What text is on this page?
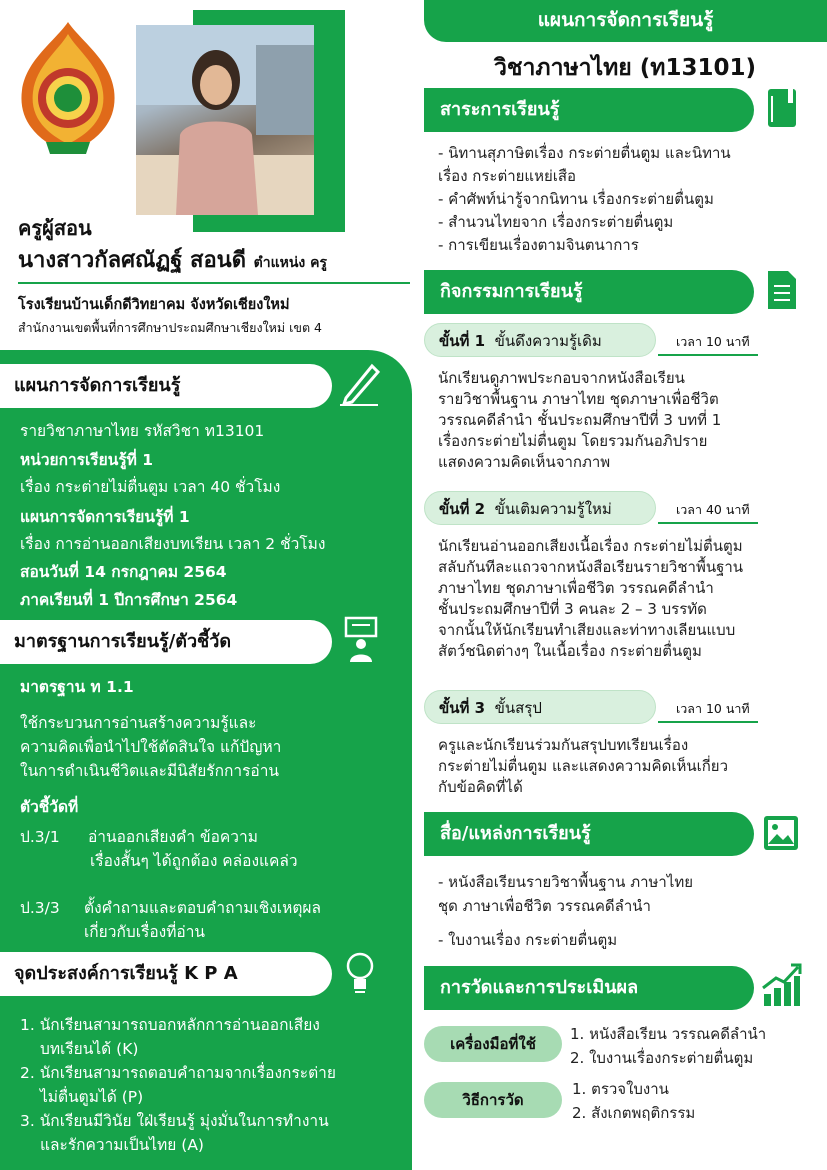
ครูผู้สอน
นางสาวกัลศณัฏฐ์ สอนดี ตำแหน่ง ครู
โรงเรียนบ้านเด็กดีวิทยาคม จังหวัดเชียงใหม่
สำนักงานเขตพื้นที่การศึกษาประถมศึกษาเชียงใหม่ เขต 4
แผนการจัดการเรียนรู้
รายวิชาภาษาไทย รหัสวิชา ท13101
หน่วยการเรียนรู้ที่ 1
เรื่อง กระต่ายไม่ตื่นตูม เวลา 40 ชั่วโมง
แผนการจัดการเรียนรู้ที่ 1
เรื่อง การอ่านออกเสียงบทเรียน เวลา 2 ชั่วโมง
สอนวันที่ 14 กรกฎาคม 2564
ภาคเรียนที่ 1 ปีการศึกษา 2564
มาตรฐานการเรียนรู้/ตัวชี้วัด
มาตรฐาน ท 1.1
ใช้กระบวนการอ่านสร้างความรู้และ
ความคิดเพื่อนำไปใช้ตัดสินใจ แก้ปัญหา
ในการดำเนินชีวิตและมีนิสัยรักการอ่าน
ตัวชี้วัดที่
ป.3/1 อ่านออกเสียงคำ ข้อความ
เรื่องสั้นๆ ได้ถูกต้อง คล่องแคล่ว
ป.3/3 ตั้งคำถามและตอบคำถามเชิงเหตุผล
เกี่ยวกับเรื่องที่อ่าน
จุดประสงค์การเรียนรู้ K P A
1. นักเรียนสามารถบอกหลักการอ่านออกเสียง
บทเรียนได้ (K)
2. นักเรียนสามารถตอบคำถามจากเรื่องกระต่าย
ไม่ตื่นตูมได้ (P)
3. นักเรียนมีวินัย ใฝ่เรียนรู้ มุ่งมั่นในการทำงาน
และรักความเป็นไทย (A)
แผนการจัดการเรียนรู้
วิชาภาษาไทย (ท13101)
สาระการเรียนรู้
- นิทานสุภาษิตเรื่อง กระต่ายตื่นตูม และนิทาน
เรื่อง กระต่ายแหย่เสือ
- คำศัพท์น่ารู้จากนิทาน เรื่องกระต่ายตื่นตูม
- สำนวนไทยจาก เรื่องกระต่ายตื่นตูม
- การเขียนเรื่องตามจินตนาการ
กิจกรรมการเรียนรู้
ขั้นที่ 1 ขั้นดึงความรู้เดิม	เวลา 10 นาที
นักเรียนดูภาพประกอบจากหนังสือเรียน
รายวิชาพื้นฐาน ภาษาไทย ชุดภาษาเพื่อชีวิต
วรรณคดีลำนำ ชั้นประถมศึกษาปีที่ 3 บทที่ 1
เรื่องกระต่ายไม่ตื่นตูม โดยรวมกันอภิปราย
แสดงความคิดเห็นจากภาพ
ขั้นที่ 2 ขั้นเติมความรู้ใหม่	เวลา 40 นาที
นักเรียนอ่านออกเสียงเนื้อเรื่อง กระต่ายไม่ตื่นตูม
สลับกันทีละแถวจากหนังสือเรียนรายวิชาพื้นฐาน
ภาษาไทย ชุดภาษาเพื่อชีวิต วรรณคดีลำนำ
ชั้นประถมศึกษาปีที่ 3 คนละ 2 – 3 บรรทัด
จากนั้นให้นักเรียนทำเสียงและท่าทางเลียนแบบ
สัตว์ชนิดต่างๆ ในเนื้อเรื่อง กระต่ายตื่นตูม
ขั้นที่ 3 ขั้นสรุป	เวลา 10 นาที
ครูและนักเรียนร่วมกันสรุปบทเรียนเรื่อง
กระต่ายไม่ตื่นตูม และแสดงความคิดเห็นเกี่ยว
กับข้อคิดที่ได้
สื่อ/แหล่งการเรียนรู้
- หนังสือเรียนรายวิชาพื้นฐาน ภาษาไทย
ชุด ภาษาเพื่อชีวิต วรรณคดีลำนำ
- ใบงานเรื่อง กระต่ายตื่นตูม
การวัดและการประเมินผล
เครื่องมือที่ใช้
1. หนังสือเรียน วรรณคดีลำนำ
2. ใบงานเรื่องกระต่ายตื่นตูม
วิธีการวัด
1. ตรวจใบงาน
2. สังเกตพฤติกรรม
